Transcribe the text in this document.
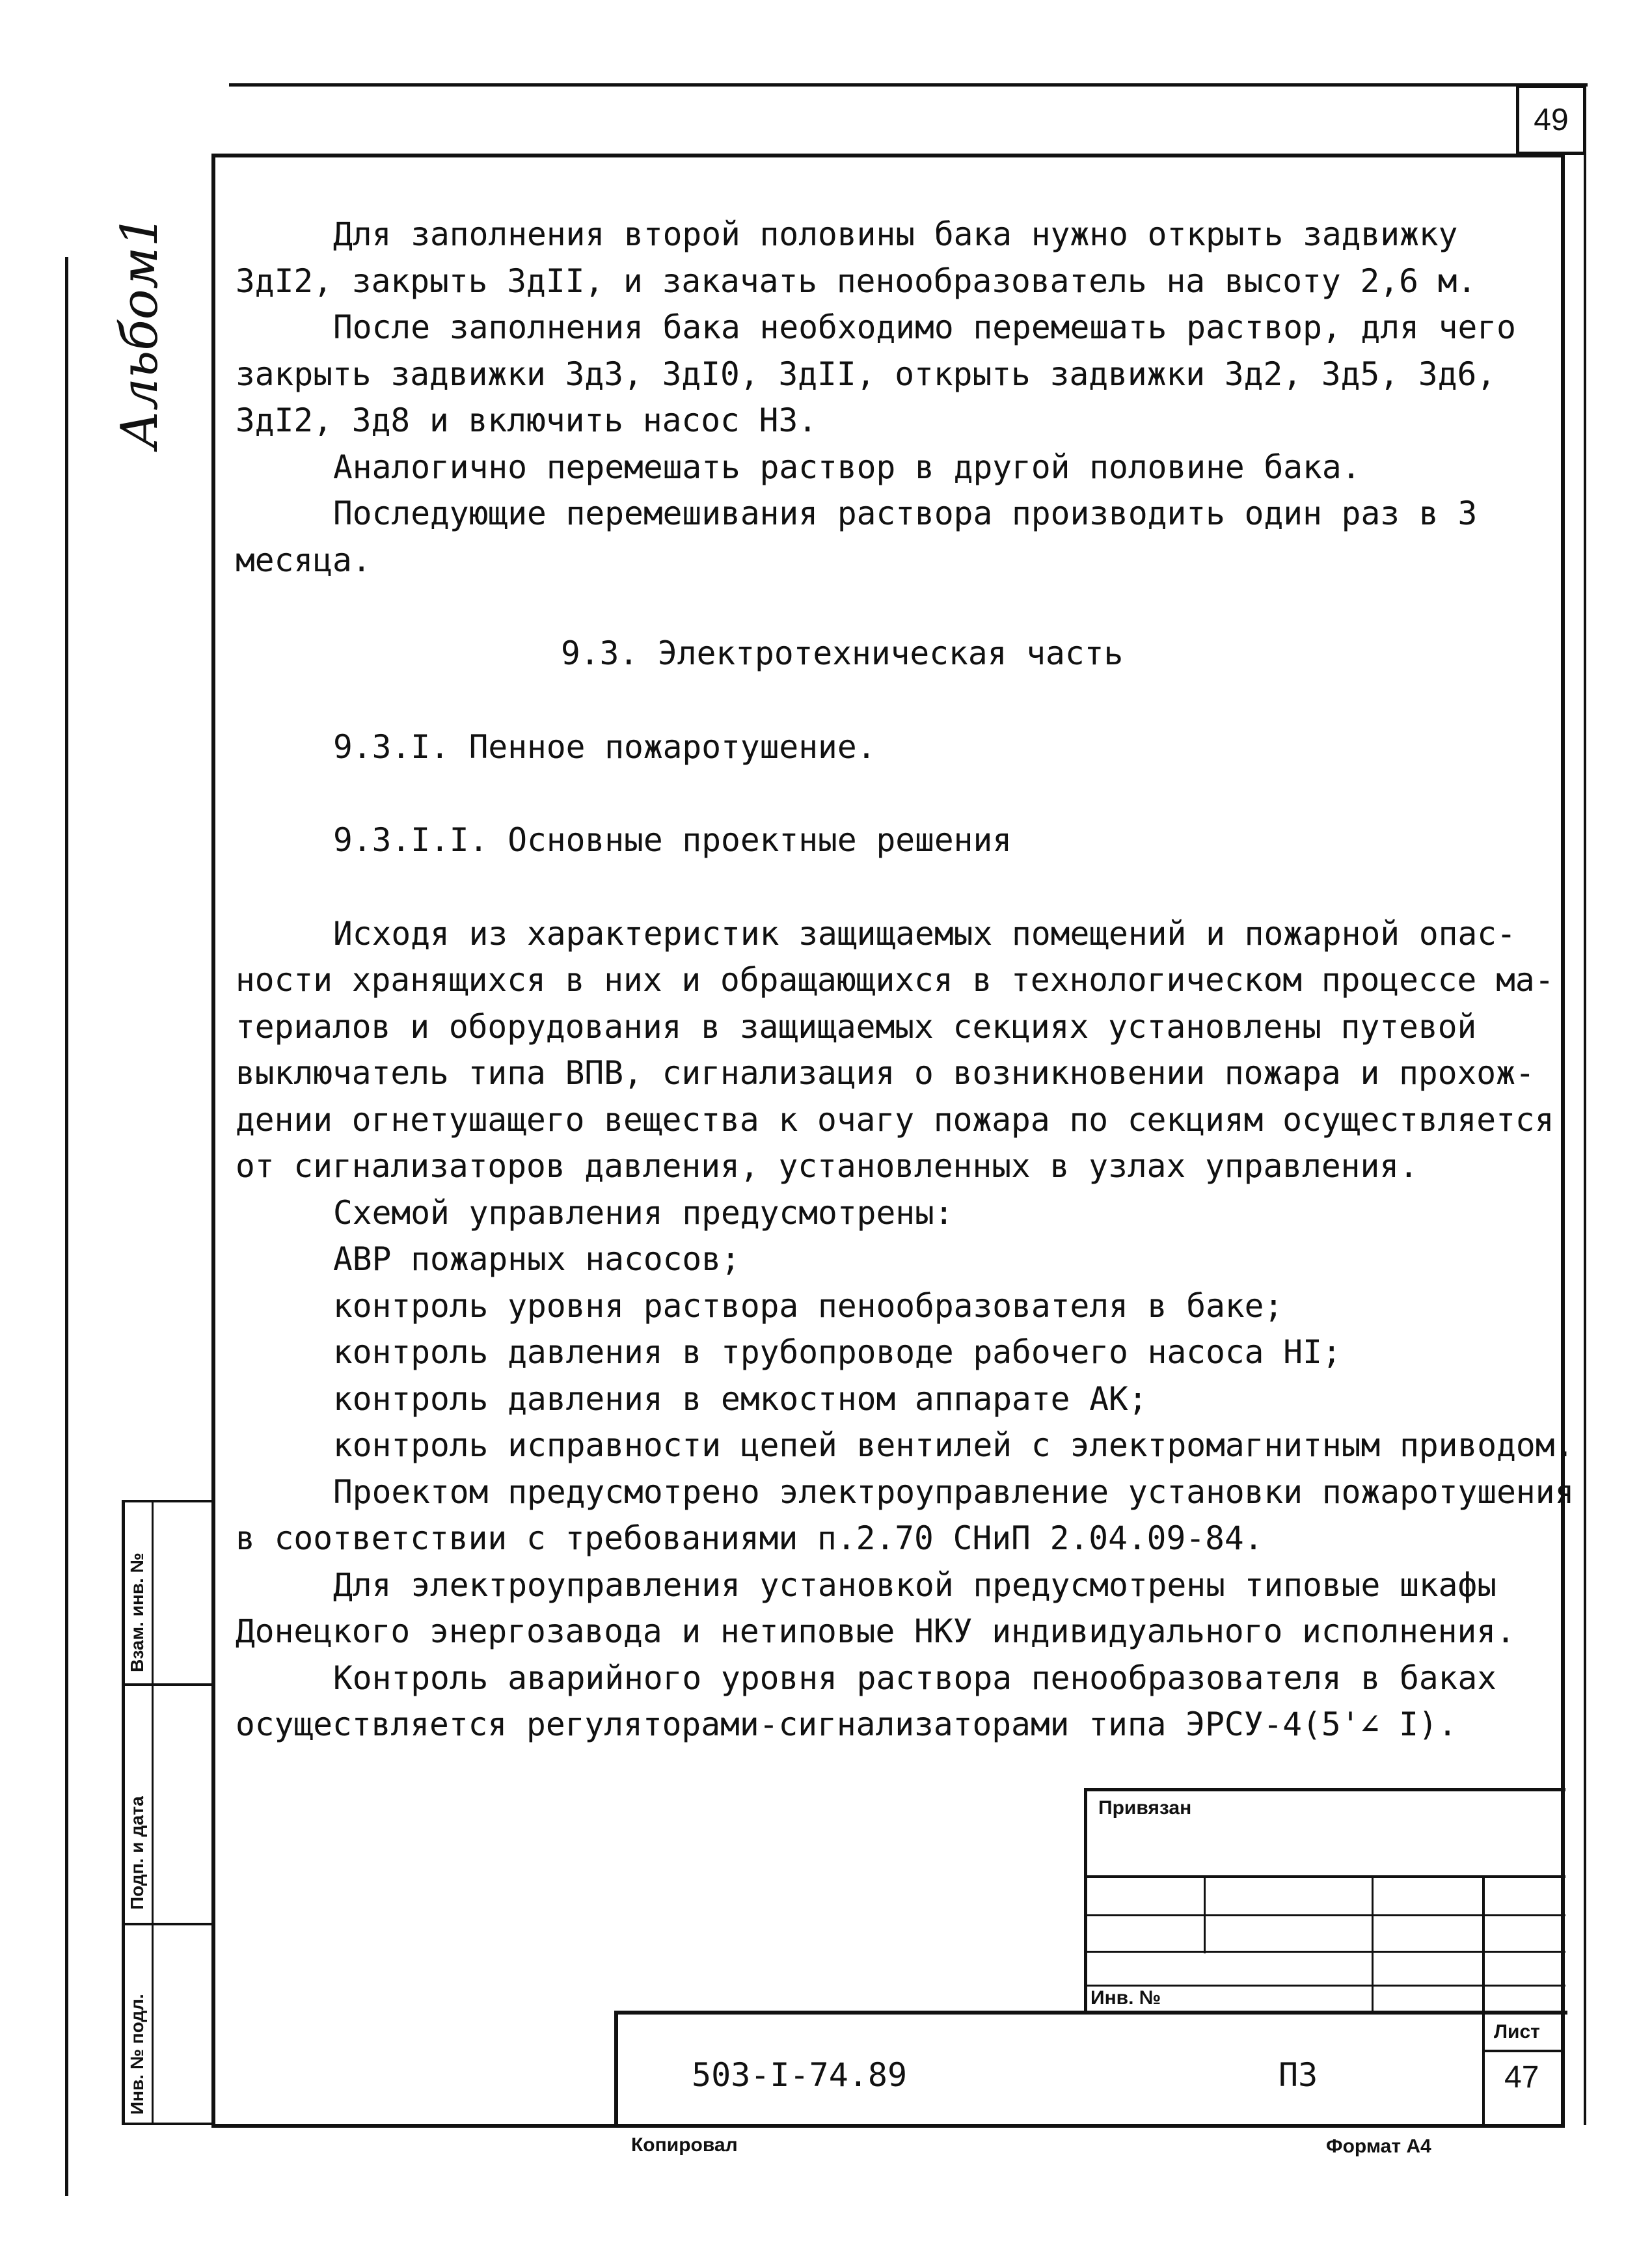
49
Альбом1	Для заполнения второй половины бака нужно открыть задвижку

ЗдI2, закрыть ЗдII, и закачать пенообразователь на высоту 2,6 м.

После заполнения бака необходимо перемешать раствор, для чего

закрыть задвижки Зд3, ЗдI0, ЗдII, открыть задвижки Зд2, Зд5, Зд6,

ЗдI2, Зд8 и включить насос Н3.

Аналогично перемешать раствор в другой половине бака.

Последующие перемешивания раствора производить один раз в 3

месяца.

9.3. Электротехническая часть

9.3.I. Пенное пожаротушение.

9.3.I.I. Основные проектные решения

Исходя из характеристик защищаемых помещений и пожарной опас-

ности хранящихся в них и обращающихся в технологическом процессе ма-

териалов и оборудования в защищаемых секциях установлены путевой

выключатель типа ВПВ, сигнализация о возникновении пожара и прохож-

дении огнетушащего вещества к очагу пожара по секциям осуществляется

от сигнализаторов давления, установленных в узлах управления.

Схемой управления предусмотрены:

АВР пожарных насосов;

контроль уровня раствора пенообразователя в баке;

контроль давления в трубопроводе рабочего насоса НI;

контроль давления в емкостном аппарате АК;

контроль исправности цепей вентилей с электромагнитным приводом.

Проектом предусмотрено электроуправление установки пожаротушения

в соответствии с требованиями п.2.70 СНиП 2.04.09-84.

Для электроуправления установкой предусмотрены типовые шкафы

Донецкого энергозавода и нетиповые НКУ индивидуального исполнения.

Контроль аварийного уровня раствора пенообразователя в баках

осуществляется регуляторами-сигнализаторами типа ЭРСУ-4(5'∠ I).

Взам. инв. №
Подп. и дата
Инв. № подл.
Привязан
Инв. №
Лист
503-I-74.89	ПЗ	47
Копировал	Формат А4
